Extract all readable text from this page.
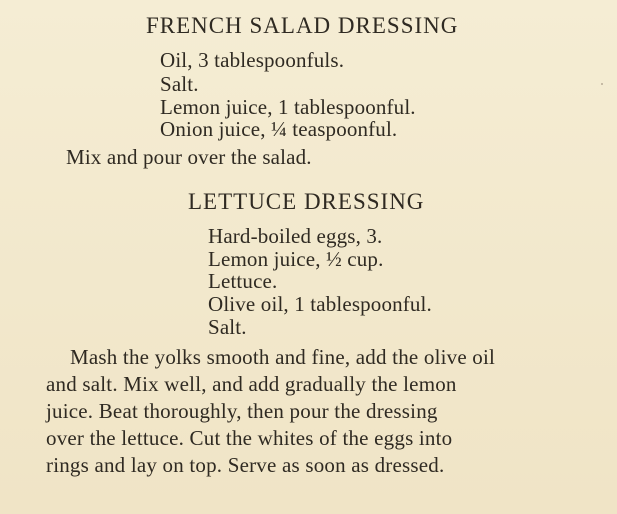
FRENCH SALAD DRESSING
Oil, 3 tablespoonfuls.
Salt.
Lemon juice, 1 tablespoonful.
Onion juice, ¼ teaspoonful.
Mix and pour over the salad.
LETTUCE DRESSING
Hard-boiled eggs, 3.
Lemon juice, ½ cup.
Lettuce.
Olive oil, 1 tablespoonful.
Salt.
Mash the yolks smooth and fine, add the olive oil
and salt. Mix well, and add gradually the lemon
juice. Beat thoroughly, then pour the dressing
over the lettuce. Cut the whites of the eggs into
rings and lay on top. Serve as soon as dressed.
